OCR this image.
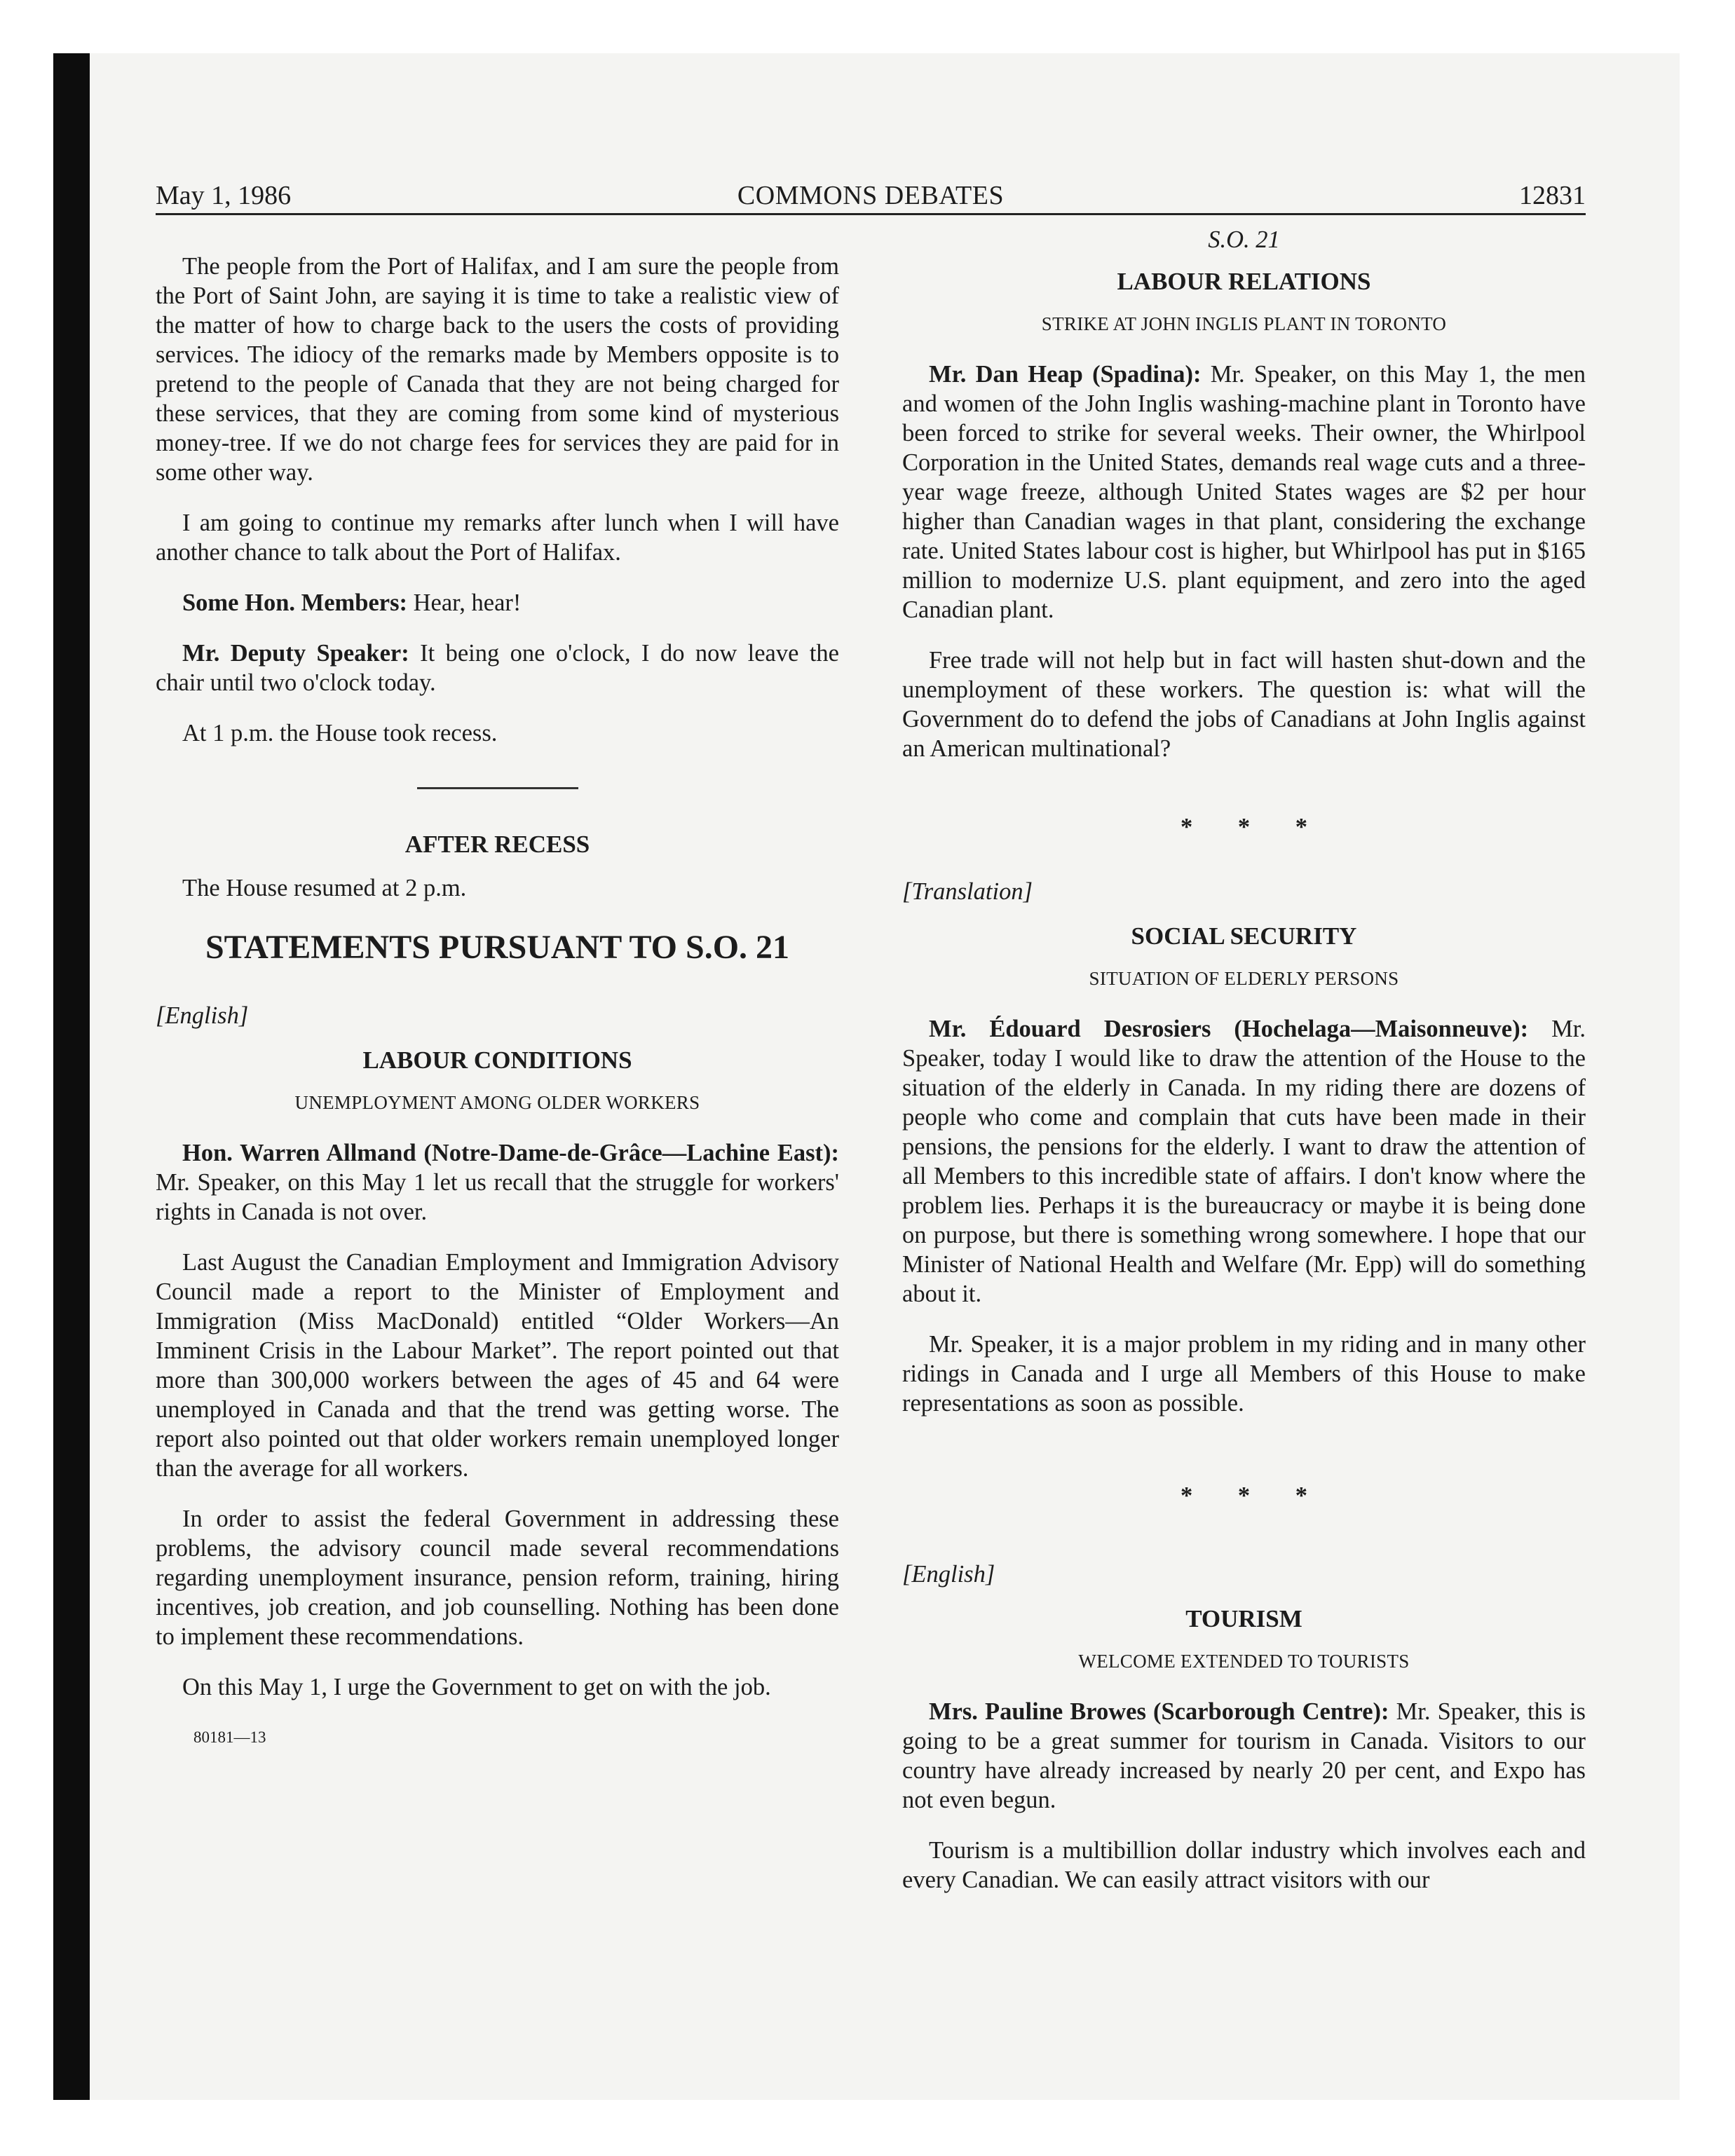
May 1, 1986	COMMONS DEBATES	12831

The people from the Port of Halifax, and I am sure the people from the Port of Saint John, are saying it is time to take a realistic view of the matter of how to charge back to the users the costs of providing services. The idiocy of the remarks made by Members opposite is to pretend to the people of Canada that they are not being charged for these services, that they are coming from some kind of mysterious money-tree. If we do not charge fees for services they are paid for in some other way.

I am going to continue my remarks after lunch when I will have another chance to talk about the Port of Halifax.

Some Hon. Members: Hear, hear!

Mr. Deputy Speaker: It being one o'clock, I do now leave the chair until two o'clock today.

At 1 p.m. the House took recess.

AFTER RECESS

The House resumed at 2 p.m.

STATEMENTS PURSUANT TO S.O. 21
[English]
LABOUR CONDITIONS
UNEMPLOYMENT AMONG OLDER WORKERS

Hon. Warren Allmand (Notre-Dame-de-Grâce—Lachine East): Mr. Speaker, on this May 1 let us recall that the struggle for workers' rights in Canada is not over.

Last August the Canadian Employment and Immigration Advisory Council made a report to the Minister of Employment and Immigration (Miss MacDonald) entitled “Older Workers—An Imminent Crisis in the Labour Market”. The report pointed out that more than 300,000 workers between the ages of 45 and 64 were unemployed in Canada and that the trend was getting worse. The report also pointed out that older workers remain unemployed longer than the average for all workers.

In order to assist the federal Government in addressing these problems, the advisory council made several recommendations regarding unemployment insurance, pension reform, training, hiring incentives, job creation, and job counselling. Nothing has been done to implement these recommendations.

On this May 1, I urge the Government to get on with the job.

80181—13
S.O. 21
LABOUR RELATIONS
STRIKE AT JOHN INGLIS PLANT IN TORONTO

Mr. Dan Heap (Spadina): Mr. Speaker, on this May 1, the men and women of the John Inglis washing-machine plant in Toronto have been forced to strike for several weeks. Their owner, the Whirlpool Corporation in the United States, demands real wage cuts and a three-year wage freeze, although United States wages are $2 per hour higher than Canadian wages in that plant, considering the exchange rate. United States labour cost is higher, but Whirlpool has put in $165 million to modernize U.S. plant equipment, and zero into the aged Canadian plant.

Free trade will not help but in fact will hasten shut-down and the unemployment of these workers. The question is: what will the Government do to defend the jobs of Canadians at John Inglis against an American multinational?

* * *
[Translation]
SOCIAL SECURITY
SITUATION OF ELDERLY PERSONS

Mr. Édouard Desrosiers (Hochelaga—Maisonneuve): Mr. Speaker, today I would like to draw the attention of the House to the situation of the elderly in Canada. In my riding there are dozens of people who come and complain that cuts have been made in their pensions, the pensions for the elderly. I want to draw the attention of all Members to this incredible state of affairs. I don't know where the problem lies. Perhaps it is the bureaucracy or maybe it is being done on purpose, but there is something wrong somewhere. I hope that our Minister of National Health and Welfare (Mr. Epp) will do something about it.

Mr. Speaker, it is a major problem in my riding and in many other ridings in Canada and I urge all Members of this House to make representations as soon as possible.

* * *
[English]
TOURISM
WELCOME EXTENDED TO TOURISTS

Mrs. Pauline Browes (Scarborough Centre): Mr. Speaker, this is going to be a great summer for tourism in Canada. Visitors to our country have already increased by nearly 20 per cent, and Expo has not even begun.

Tourism is a multibillion dollar industry which involves each and every Canadian. We can easily attract visitors with our
